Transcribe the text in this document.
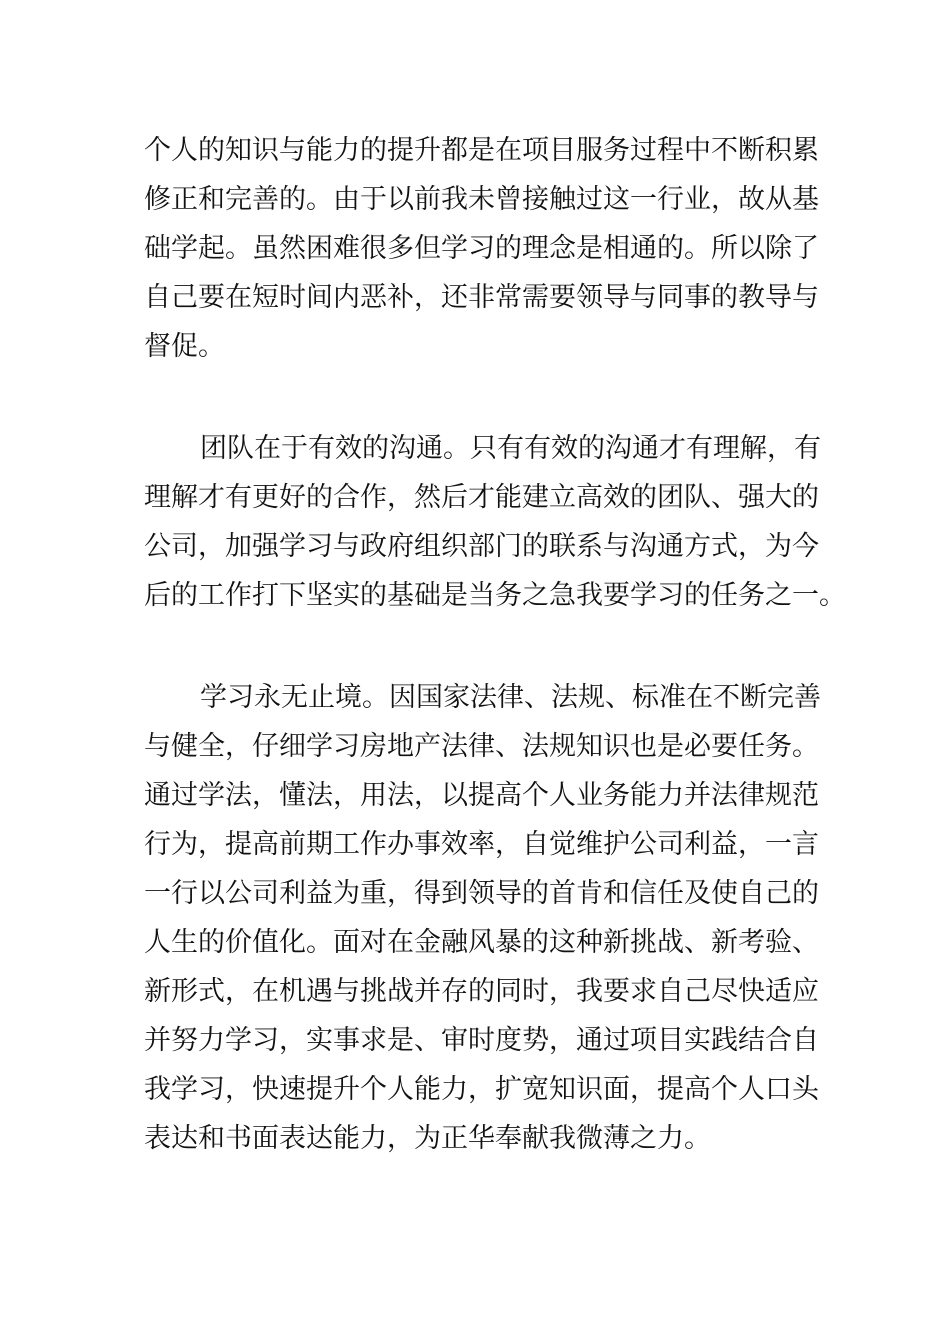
个人的知识与能力的提升都是在项目服务过程中不断积累
修正和完善的。由于以前我未曾接触过这一行业，故从基
础学起。虽然困难很多但学习的理念是相通的。所以除了
自己要在短时间内恶补，还非常需要领导与同事的教导与
督促。
团队在于有效的沟通。只有有效的沟通才有理解，有
理解才有更好的合作，然后才能建立高效的团队、强大的
公司，加强学习与政府组织部门的联系与沟通方式，为今
后的工作打下坚实的基础是当务之急我要学习的任务之一。
学习永无止境。因国家法律、法规、标准在不断完善
与健全，仔细学习房地产法律、法规知识也是必要任务。
通过学法，懂法，用法，以提高个人业务能力并法律规范
行为，提高前期工作办事效率，自觉维护公司利益，一言
一行以公司利益为重，得到领导的首肯和信任及使自己的
人生的价值化。面对在金融风暴的这种新挑战、新考验、
新形式，在机遇与挑战并存的同时，我要求自己尽快适应
并努力学习，实事求是、审时度势，通过项目实践结合自
我学习，快速提升个人能力，扩宽知识面，提高个人口头
表达和书面表达能力，为正华奉献我微薄之力。
